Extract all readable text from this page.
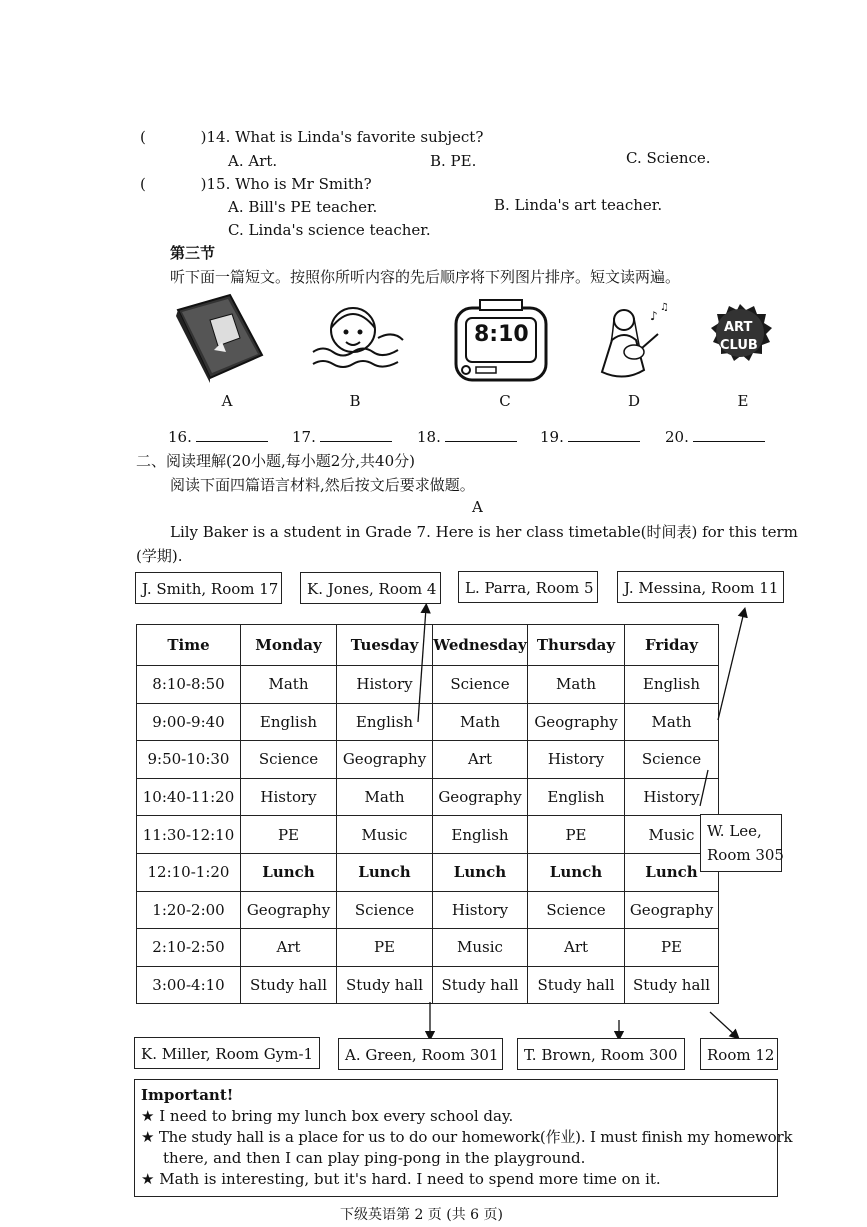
(	)14. What is Linda's favorite subject?
A. Art.	B. PE.	C. Science.
(	)15. Who is Mr Smith?
A. Bill's PE teacher.	B. Linda's art teacher.
C. Linda's science teacher.
第三节
听下面一篇短文。按照你所听内容的先后顺序将下列图片排序。短文读两遍。
8:10
♪
♫
ART
CLUB
A	B	C	D	E
16.	17.	18.	19.	20.
二、阅读理解(20小题,每小题2分,共40分)
阅读下面四篇语言材料,然后按文后要求做题。
A
Lily Baker is a student in Grade 7. Here is her class timetable(时间表) for this term
(学期).
J. Smith, Room 17	K. Jones, Room 4	L. Parra, Room 5	J. Messina, Room 11
Time	Monday	Tuesday	Wednesday	Thursday	Friday
8:10-8:50	Math	History	Science	Math	English
9:00-9:40	English	English	Math	Geography	Math
9:50-10:30	Science	Geography	Art	History	Science
10:40-11:20	History	Math	Geography	English	History
11:30-12:10	PE	Music	English	PE	Music
12:10-1:20	Lunch	Lunch	Lunch	Lunch	Lunch
1:20-2:00	Geography	Science	History	Science	Geography
2:10-2:50	Art	PE	Music	Art	PE
3:00-4:10	Study hall	Study hall	Study hall	Study hall	Study hall
W. Lee,
Room 305
K. Miller, Room Gym-1	A. Green, Room 301	T. Brown, Room 300	Room 12
Important!
★ I need to bring my lunch box every school day.
★ The study hall is a place for us to do our homework(作业). I must finish my homework
there, and then I can play ping-pong in the playground.
★ Math is interesting, but it's hard. I need to spend more time on it.
下级英语第 2 页 (共 6 页)
